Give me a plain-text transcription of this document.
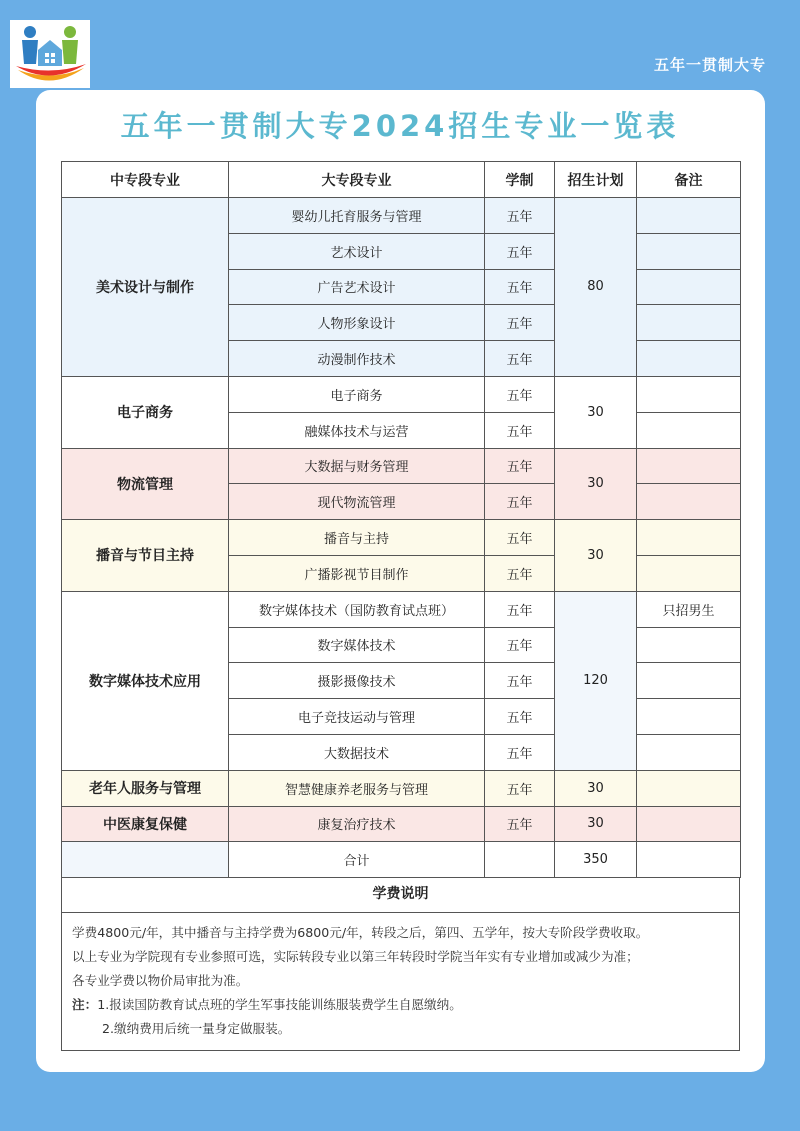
五年一贯制大专
五年一贯制大专2024招生专业一览表
中专段专业	大专段专业	学制	招生计划	备注
美术设计与制作	婴幼儿托育服务与管理	五年	80	
	艺术设计	五年		
	广告艺术设计	五年		
	人物形象设计	五年		
	动漫制作技术	五年		
电子商务	电子商务	五年	30	
	融媒体技术与运营	五年		
物流管理	大数据与财务管理	五年	30	
	现代物流管理	五年		
播音与节目主持	播音与主持	五年	30	
	广播影视节目制作	五年		
数字媒体技术应用	数字媒体技术（国防教育试点班）	五年	120	只招男生
	数字媒体技术	五年		
	摄影摄像技术	五年		
	电子竞技运动与管理	五年		
	大数据技术	五年		
老年人服务与管理	智慧健康养老服务与管理	五年	30	
中医康复保健	康复治疗技术	五年	30	
	合计		350	
学费说明

学费4800元/年，其中播音与主持学费为6800元/年，转段之后，第四、五学年，按大专阶段学费收取。

以上专业为学院现有专业参照可选，实际转段专业以第三年转段时学院当年实有专业增加或减少为准；

各专业学费以物价局审批为准。

注：1.报读国防教育试点班的学生军事技能训练服装费学生自愿缴纳。

2.缴纳费用后统一量身定做服装。
